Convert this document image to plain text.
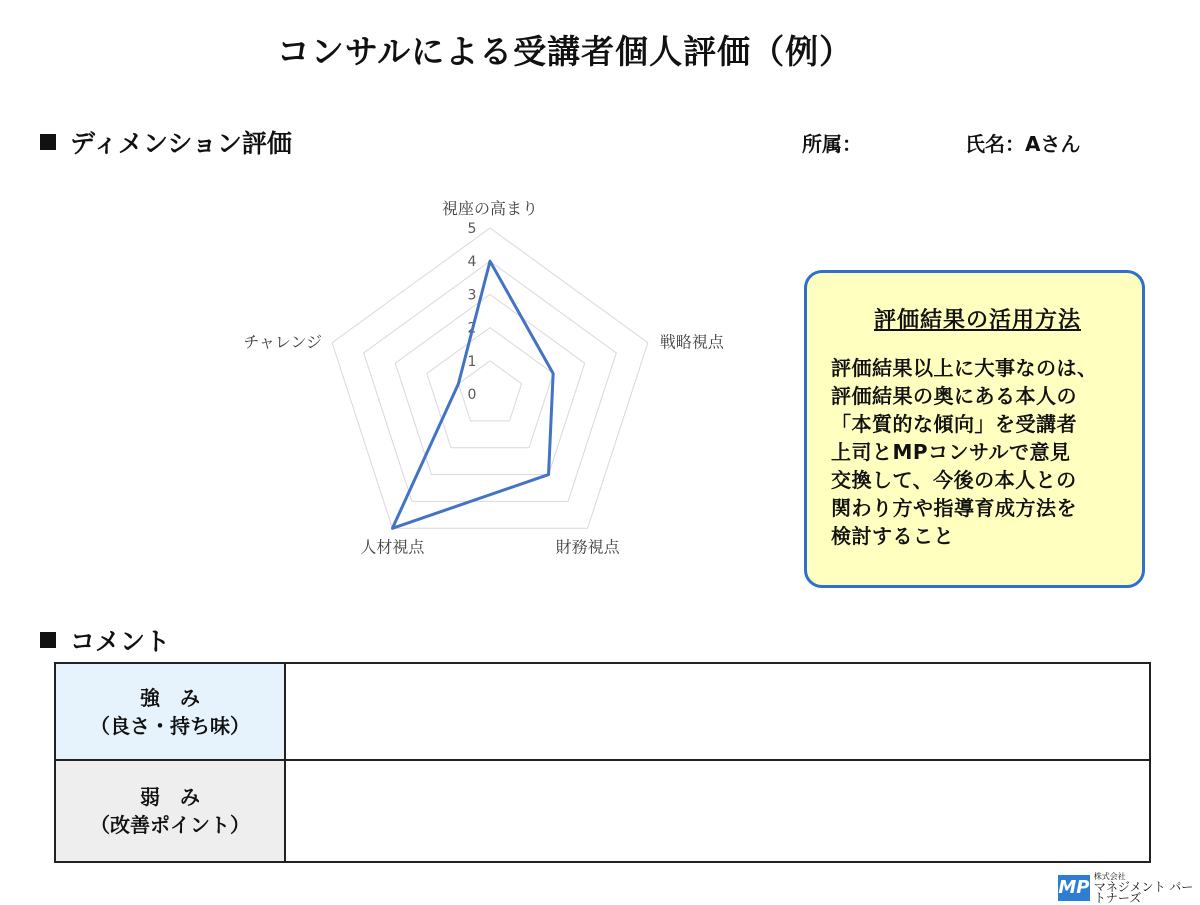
コンサルによる受講者個人評価（例）
ディメンション評価	所属：	氏名：Aさん
0
1
2
3
4
5
視座の高まり
戦略視点
財務視点
人材視点
チャレンジ
評価結果の活用方法
評価結果以上に大事なのは、
評価結果の奥にある本人の
「本質的な傾向」を受講者
上司とMPコンサルで意見
交換して、今後の本人との
関わり方や指導育成方法を
検討すること
コメント
強　み
（良さ・持ち味）	
弱　み
（改善ポイント）	
MP
株式会社
マネジメント パートナーズ
